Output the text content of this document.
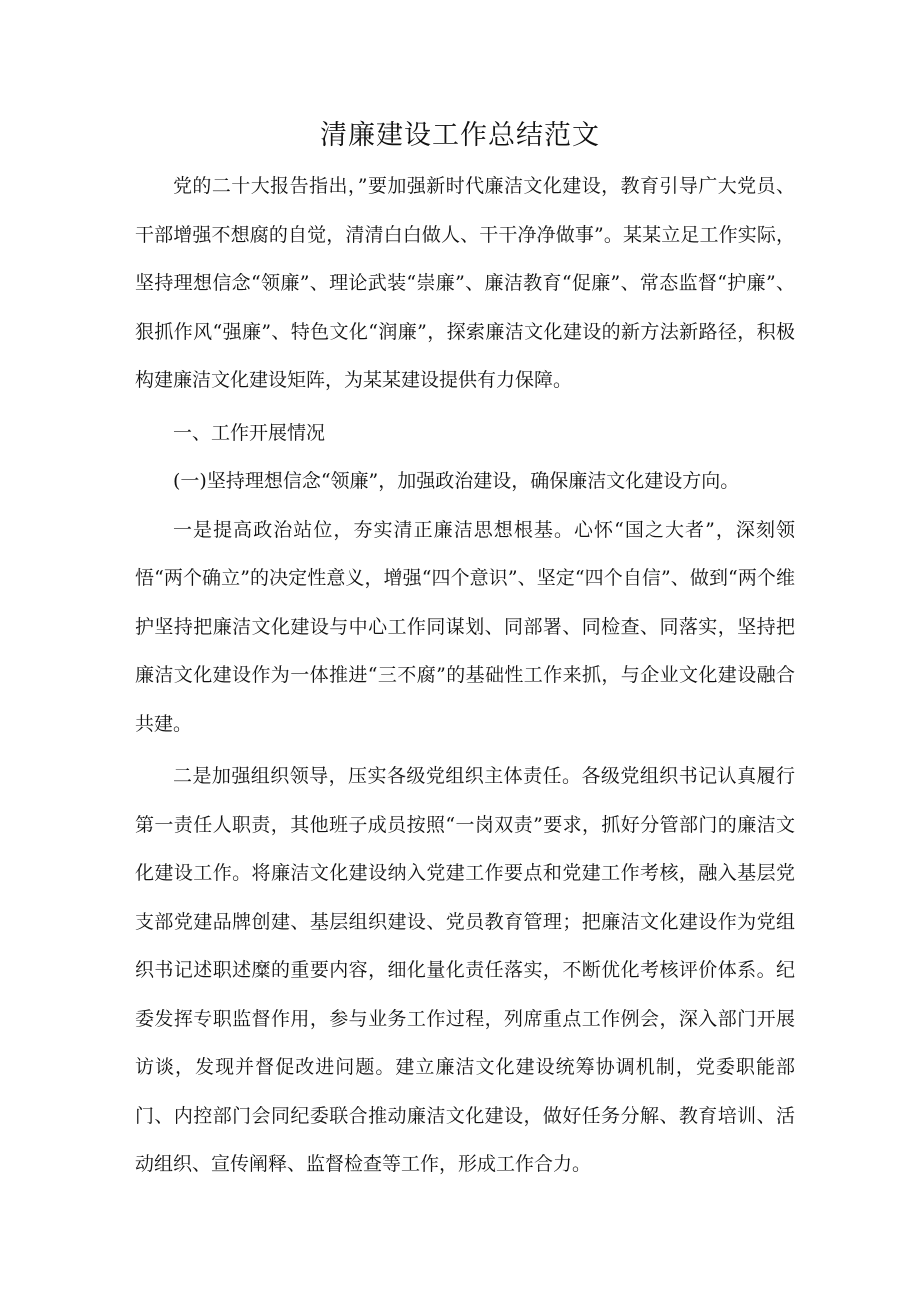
清廉建设工作总结范文

党的二十大报告指出，”要加强新时代廉洁文化建设，教育引导广大党员、干部增强不想腐的自觉，清清白白做人、干干净净做事”。某某立足工作实际，坚持理想信念“领廉”、理论武装“崇廉”、廉洁教育“促廉”、常态监督“护廉”、狠抓作风“强廉”、特色文化“润廉”，探索廉洁文化建设的新方法新路径，积极构建廉洁文化建设矩阵，为某某建设提供有力保障。

一、工作开展情况

(一)坚持理想信念“领廉”，加强政治建设，确保廉洁文化建设方向。

一是提高政治站位，夯实清正廉洁思想根基。心怀“国之大者”，深刻领悟“两个确立”的决定性意义，增强“四个意识”、坚定“四个自信”、做到“两个维护坚持把廉洁文化建设与中心工作同谋划、同部署、同检查、同落实，坚持把廉洁文化建设作为一体推进“三不腐”的基础性工作来抓，与企业文化建设融合共建。

二是加强组织领导，压实各级党组织主体责任。各级党组织书记认真履行第一责任人职责，其他班子成员按照“一岗双责”要求，抓好分管部门的廉洁文化建设工作。将廉洁文化建设纳入党建工作要点和党建工作考核，融入基层党支部党建品牌创建、基层组织建设、党员教育管理；把廉洁文化建设作为党组织书记述职述糜的重要内容，细化量化责任落实，不断优化考核评价体系。纪委发挥专职监督作用，参与业务工作过程，列席重点工作例会，深入部门开展访谈，发现并督促改进问题。建立廉洁文化建设统筹协调机制，党委职能部门、内控部门会同纪委联合推动廉洁文化建设，做好任务分解、教育培训、活动组织、宣传阐释、监督检查等工作，形成工作合力。
